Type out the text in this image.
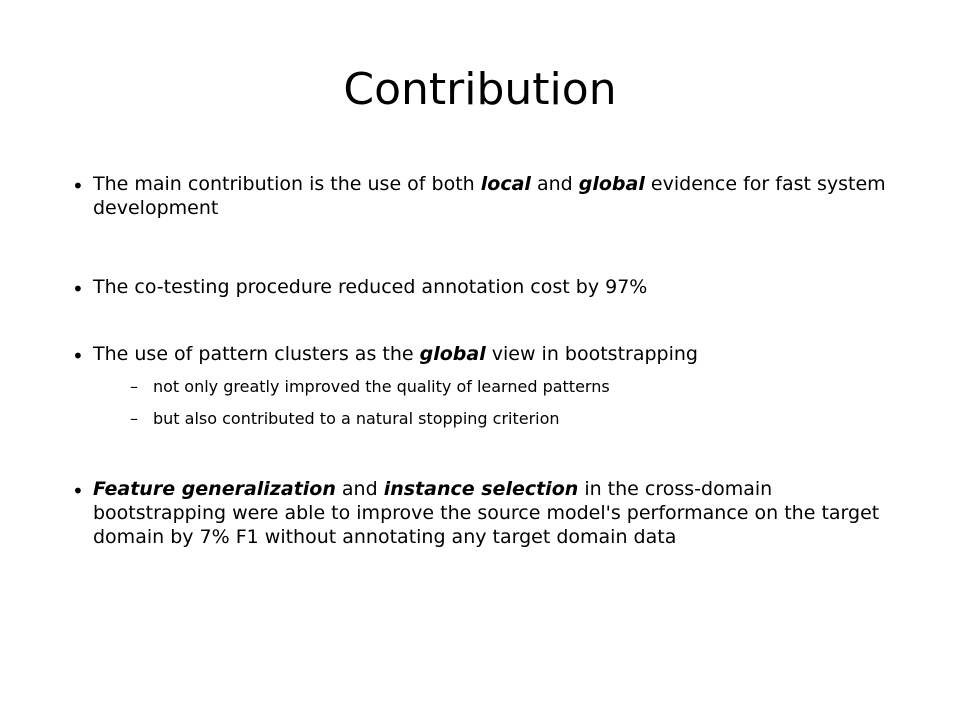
Contribution
• The main contribution is the use of both local and global evidence for fast system development
• The co-testing procedure reduced annotation cost by 97%
• The use of pattern clusters as the global view in bootstrapping
– not only greatly improved the quality of learned patterns
– but also contributed to a natural stopping criterion
• Feature generalization and instance selection in the cross-domain bootstrapping were able to improve the source model's performance on the target domain by 7% F1 without annotating any target domain data
